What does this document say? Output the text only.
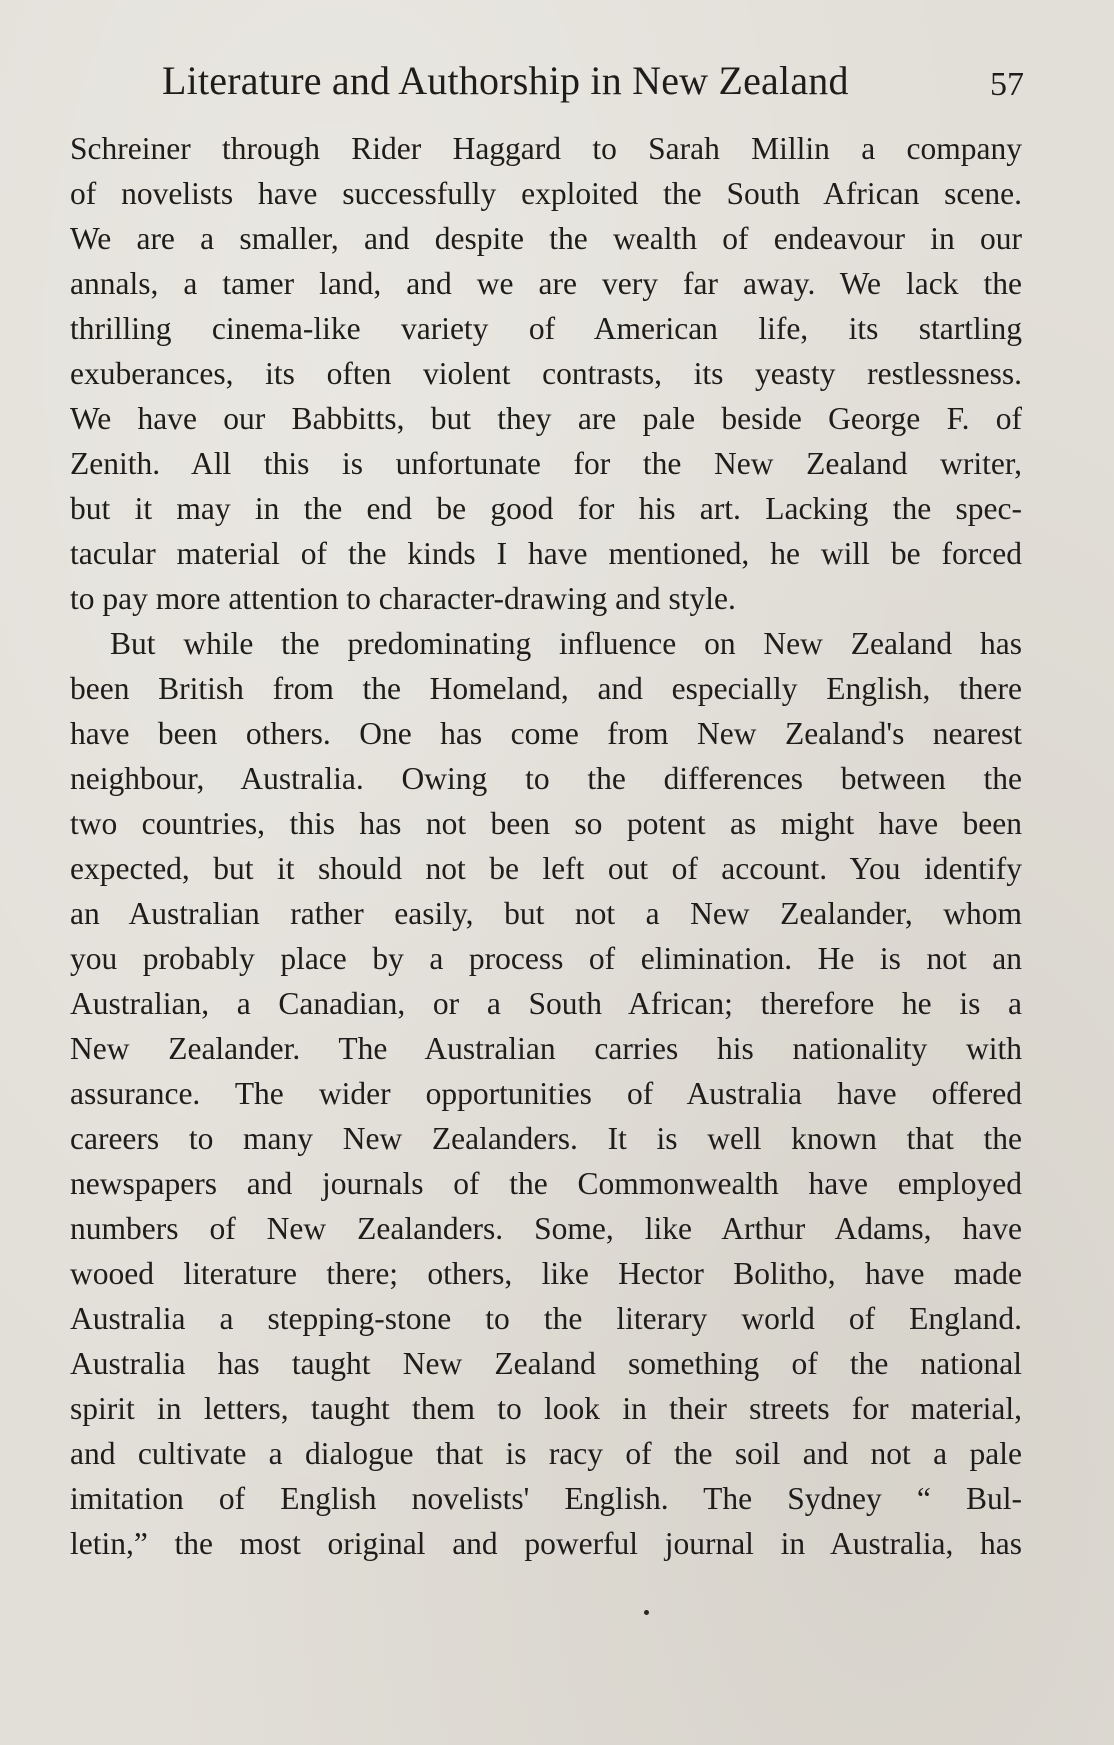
Literature and Authorship in New Zealand	57
Schreiner through Rider Haggard to Sarah Millin a company
of novelists have successfully exploited the South African scene.
We are a smaller, and despite the wealth of endeavour in our
annals, a tamer land, and we are very far away. We lack the
thrilling cinema-like variety of American life, its startling
exuberances, its often violent contrasts, its yeasty restlessness.
We have our Babbitts, but they are pale beside George F. of
Zenith. All this is unfortunate for the New Zealand writer,
but it may in the end be good for his art. Lacking the spec-
tacular material of the kinds I have mentioned, he will be forced
to pay more attention to character-drawing and style.
But while the predominating influence on New Zealand has
been British from the Homeland, and especially English, there
have been others. One has come from New Zealand's nearest
neighbour, Australia. Owing to the differences between the
two countries, this has not been so potent as might have been
expected, but it should not be left out of account. You identify
an Australian rather easily, but not a New Zealander, whom
you probably place by a process of elimination. He is not an
Australian, a Canadian, or a South African; therefore he is a
New Zealander. The Australian carries his nationality with
assurance. The wider opportunities of Australia have offered
careers to many New Zealanders. It is well known that the
newspapers and journals of the Commonwealth have employed
numbers of New Zealanders. Some, like Arthur Adams, have
wooed literature there; others, like Hector Bolitho, have made
Australia a stepping-stone to the literary world of England.
Australia has taught New Zealand something of the national
spirit in letters, taught them to look in their streets for material,
and cultivate a dialogue that is racy of the soil and not a pale
imitation of English novelists' English. The Sydney “ Bul-
letin,” the most original and powerful journal in Australia, has
